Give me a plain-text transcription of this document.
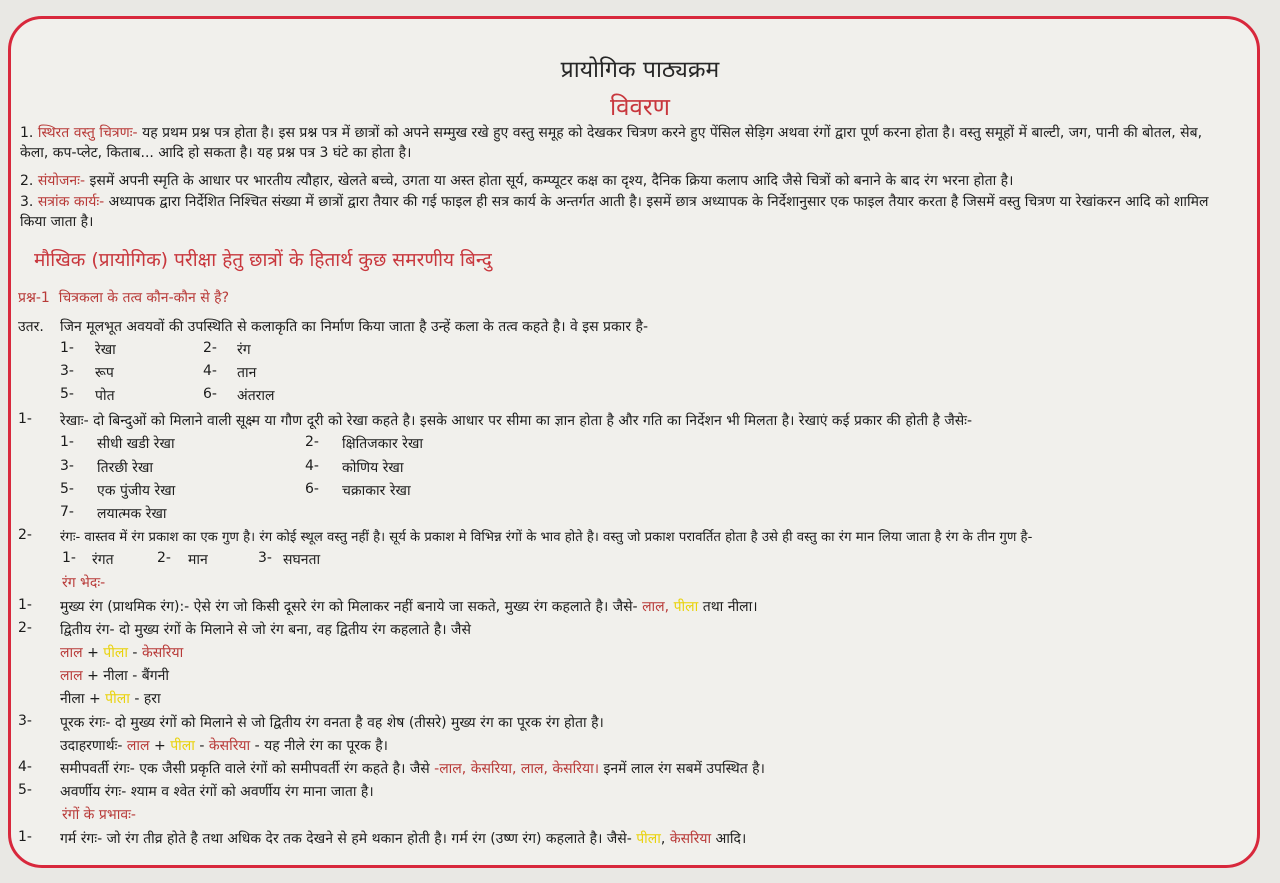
प्रायोगिक पाठ्यक्रम
विवरण
1. स्थिरत वस्तु चित्रणः- यह प्रथम प्रश्न पत्र होता है। इस प्रश्न पत्र में छात्रों को अपने सम्मुख रखे हुए वस्तु समूह को देखकर चित्रण करने हुए पेंसिल सेड़िग अथवा रंगों द्वारा पूर्ण करना होता है। वस्तु समूहों में बाल्टी, जग, पानी की बोतल, सेब, केला, कप-प्लेट, किताब... आदि हो सकता है। यह प्रश्न पत्र 3 घंटे का होता है।
2. संयोजनः- इसमें अपनी स्मृति के आधार पर भारतीय त्यौहार, खेलते बच्चे, उगता या अस्त होता सूर्य, कम्प्यूटर कक्ष का दृश्य, दैनिक क्रिया कलाप आदि जैसे चित्रों को बनाने के बाद रंग भरना होता है।
3. सत्रांक कार्यः- अध्यापक द्वारा निर्देशित निश्चित संख्या में छात्रों द्वारा तैयार की गई फाइल ही सत्र कार्य के अन्तर्गत आती है। इसमें छात्र अध्यापक के निर्देशानुसार एक फाइल तैयार करता है जिसमें वस्तु चित्रण या रेखांकरन आदि को शामिल किया जाता है।
मौखिक (प्रायोगिक) परीक्षा हेतु छात्रों के हितार्थ कुछ समरणीय बिन्दु
प्रश्न-1 चित्रकला के तत्व कौन-कौन से है?
उतर. जिन मूलभूत अवयवों की उपस्थिति से कलाकृति का निर्माण किया जाता है उन्हें कला के तत्व कहते है। वे इस प्रकार है-
1- रेखा	2- रंग
3- रूप	4- तान
5- पोत	6- अंतराल
1- रेखाः- दो बिन्दुओं को मिलाने वाली सूक्ष्म या गौण दूरी को रेखा कहते है। इसके आधार पर सीमा का ज्ञान होता है और गति का निर्देशन भी मिलता है। रेखाएं कई प्रकार की होती है जैसेः-
1- सीधी खडी रेखा	2- क्षितिजकार रेखा
3- तिरछी रेखा	4- कोणिय रेखा
5- एक पुंजीय रेखा	6- चक्राकार रेखा
7- लयात्मक रेखा
2- रंगः- वास्तव में रंग प्रकाश का एक गुण है। रंग कोई स्थूल वस्तु नहीं है। सूर्य के प्रकाश मे विभिन्न रंगों के भाव होते है। वस्तु जो प्रकाश परावर्तित होता है उसे ही वस्तु का रंग मान लिया जाता है रंग के तीन गुण है-
1- रंगत	2- मान	3- सघनता
रंग भेदः-
1- मुख्य रंग (प्राथमिक रंग):- ऐसे रंग जो किसी दूसरे रंग को मिलाकर नहीं बनाये जा सकते, मुख्य रंग कहलाते है। जैसे- लाल, पीला तथा नीला।
2- द्वितीय रंग- दो मुख्य रंगों के मिलाने से जो रंग बना, वह द्वितीय रंग कहलाते है। जैसे
लाल + पीला - केसरिया
लाल + नीला - बैंगनी
नीला + पीला - हरा
3- पूरक रंगः- दो मुख्य रंगों को मिलाने से जो द्वितीय रंग वनता है वह शेष (तीसरे) मुख्य रंग का पूरक रंग होता है।
उदाहरणार्थः- लाल + पीला - केसरिया - यह नीले रंग का पूरक है।
4- समीपवर्ती रंगः- एक जैसी प्रकृति वाले रंगों को समीपवर्ती रंग कहते है। जैसे -लाल, केसरिया, लाल, केसरिया। इनमें लाल रंग सबमें उपस्थित है।
5- अवर्णीय रंगः- श्याम व श्वेत रंगों को अवर्णीय रंग माना जाता है।
रंगों के प्रभावः-
1- गर्म रंगः- जो रंग तीव्र होते है तथा अधिक देर तक देखने से हमे थकान होती है। गर्म रंग (उष्ण रंग) कहलाते है। जैसे- पीला, केसरिया आदि।
